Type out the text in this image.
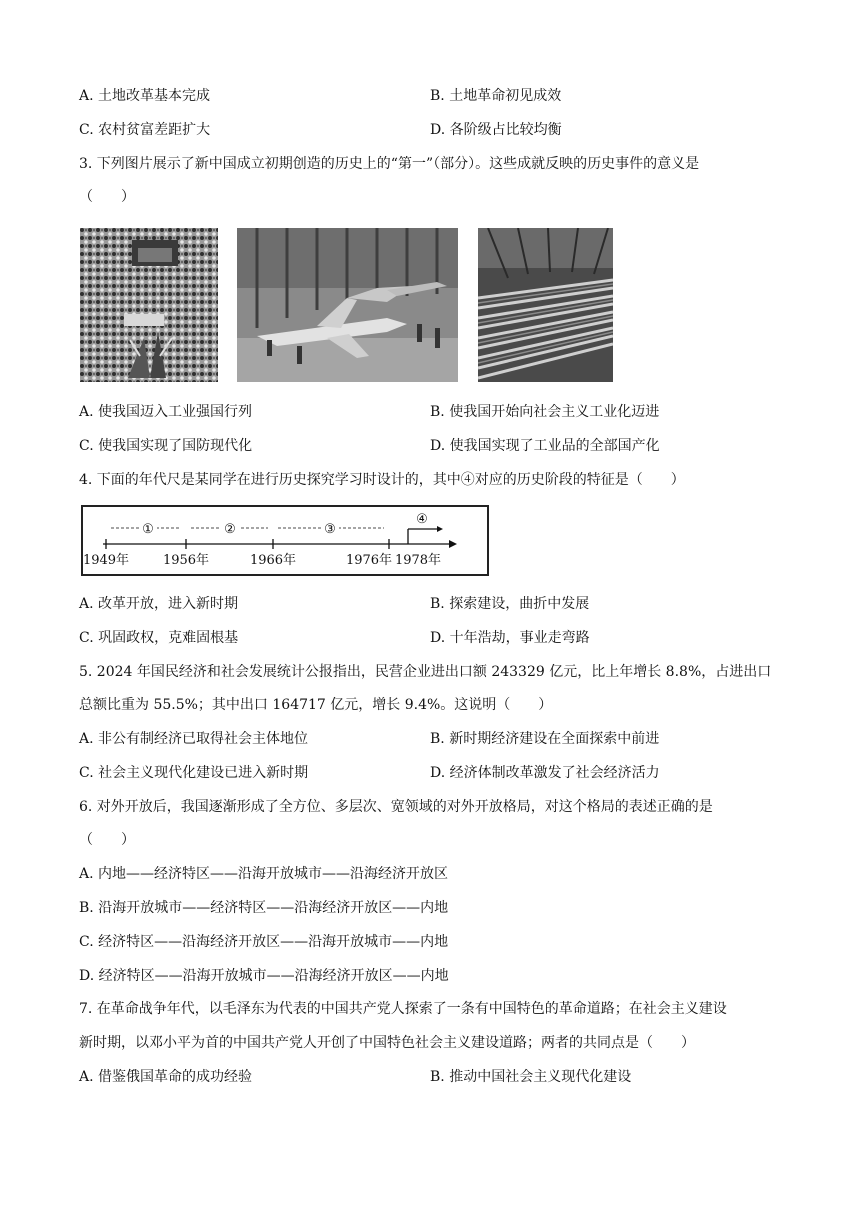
A. 土地改革基本完成	B. 土地革命初见成效
C. 农村贫富差距扩大	D. 各阶级占比较均衡
3. 下列图片展示了新中国成立初期创造的历史上的“第一”（部分）。这些成就反映的历史事件的意义是
（　　）
A. 使我国迈入工业强国行列	B. 使我国开始向社会主义工业化迈进
C. 使我国实现了国防现代化	D. 使我国实现了工业品的全部国产化
4. 下面的年代尺是某同学在进行历史探究学习时设计的，其中④对应的历史阶段的特征是（　　）
①	②	③
④
1949年	1956年	1966年	1976年 1978年
A. 改革开放，进入新时期	B. 探索建设，曲折中发展
C. 巩固政权，克难固根基	D. 十年浩劫，事业走弯路
5. 2024 年国民经济和社会发展统计公报指出，民营企业进出口额 243329 亿元，比上年增长 8.8%，占进出口
总额比重为 55.5%；其中出口 164717 亿元，增长 9.4%。这说明（　　）
A. 非公有制经济已取得社会主体地位	B. 新时期经济建设在全面探索中前进
C. 社会主义现代化建设已进入新时期	D. 经济体制改革激发了社会经济活力
6. 对外开放后，我国逐渐形成了全方位、多层次、宽领域的对外开放格局，对这个格局的表述正确的是
（　　）
A. 内地——经济特区——沿海开放城市——沿海经济开放区
B. 沿海开放城市——经济特区——沿海经济开放区——内地
C. 经济特区——沿海经济开放区——沿海开放城市——内地
D. 经济特区——沿海开放城市——沿海经济开放区——内地
7. 在革命战争年代，以毛泽东为代表的中国共产党人探索了一条有中国特色的革命道路；在社会主义建设
新时期，以邓小平为首的中国共产党人开创了中国特色社会主义建设道路；两者的共同点是（　　）
A. 借鉴俄国革命的成功经验	B. 推动中国社会主义现代化建设
